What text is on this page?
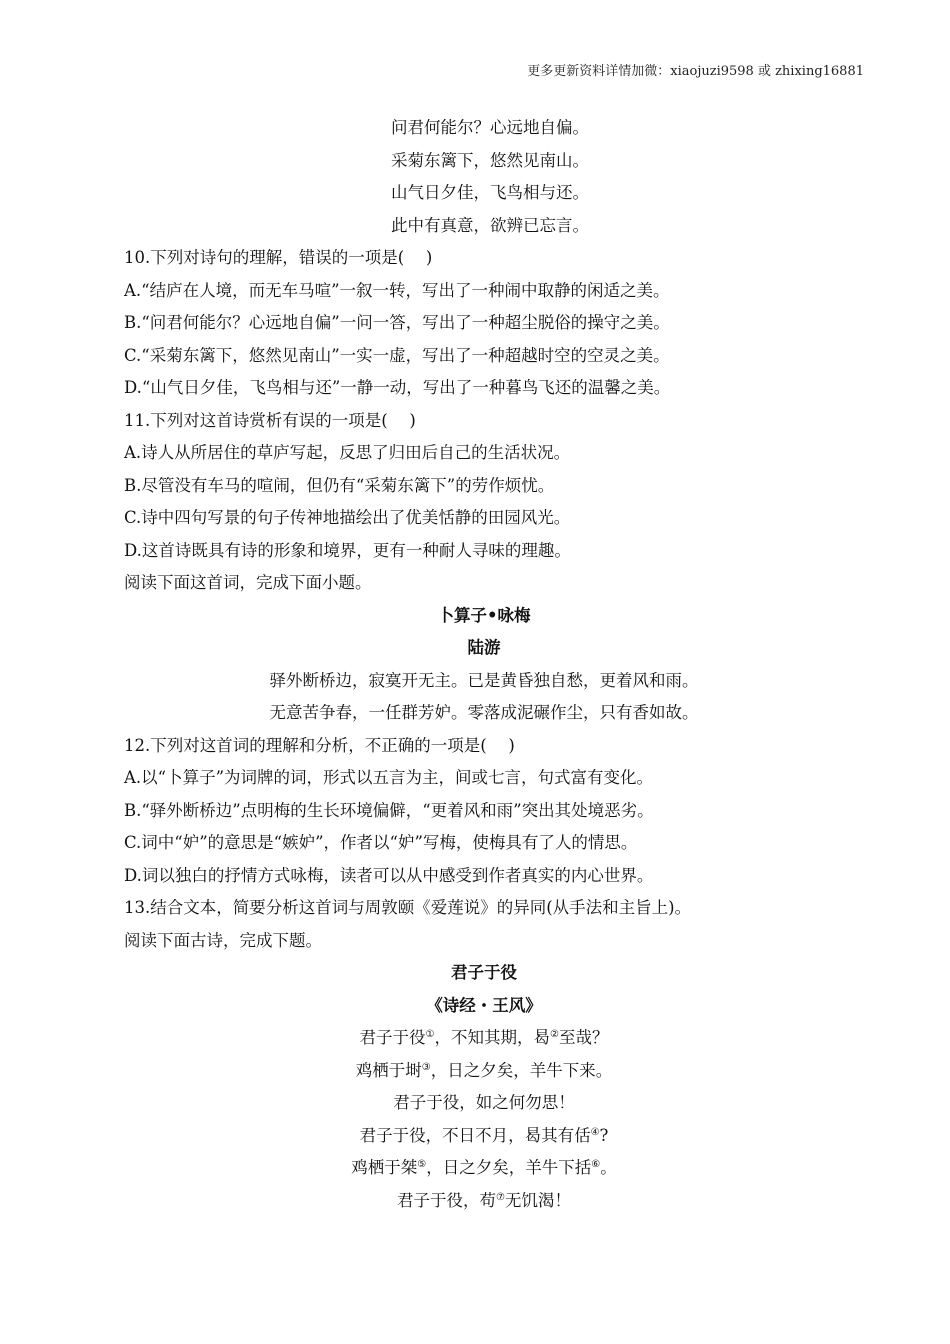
更多更新资料详情加微：xiaojuzi9598 或 zhixing16881
问君何能尔？心远地自偏。
采菊东篱下，悠然见南山。
山气日夕佳，飞鸟相与还。
此中有真意，欲辨已忘言。
10.下列对诗句的理解，错误的一项是(　 )
A.“结庐在人境，而无车马喧”一叙一转，写出了一种闹中取静的闲适之美。
B.“问君何能尔？心远地自偏”一问一答，写出了一种超尘脱俗的操守之美。
C.“采菊东篱下，悠然见南山”一实一虚，写出了一种超越时空的空灵之美。
D.“山气日夕佳，飞鸟相与还”一静一动，写出了一种暮鸟飞还的温馨之美。
11.下列对这首诗赏析有误的一项是(　 )
A.诗人从所居住的草庐写起，反思了归田后自己的生活状况。
B.尽管没有车马的喧闹，但仍有“采菊东篱下”的劳作烦忧。
C.诗中四句写景的句子传神地描绘出了优美恬静的田园风光。
D.这首诗既具有诗的形象和境界，更有一种耐人寻味的理趣。
阅读下面这首词，完成下面小题。
卜算子•咏梅
陆游
驿外断桥边，寂寞开无主。已是黄昏独自愁，更着风和雨。
无意苦争春，一任群芳妒。零落成泥碾作尘，只有香如故。
12.下列对这首词的理解和分析，不正确的一项是(　 )
A.以“卜算子”为词牌的词，形式以五言为主，间或七言，句式富有变化。
B.“驿外断桥边”点明梅的生长环境偏僻，“更着风和雨”突出其处境恶劣。
C.词中“妒”的意思是“嫉妒”，作者以“妒”写梅，使梅具有了人的情思。
D.词以独白的抒情方式咏梅，读者可以从中感受到作者真实的内心世界。
13.结合文本，简要分析这首词与周敦颐《爱莲说》的异同(从手法和主旨上)。
阅读下面古诗，完成下题。
君子于役
《诗经・王风》
君子于役①，不知其期，曷②至哉？
鸡栖于埘③，日之夕矣，羊牛下来。
君子于役，如之何勿思！
君子于役，不日不月，曷其有佸④?
鸡栖于桀⑤，日之夕矣，羊牛下括⑥。
君子于役，苟⑦无饥渴！
